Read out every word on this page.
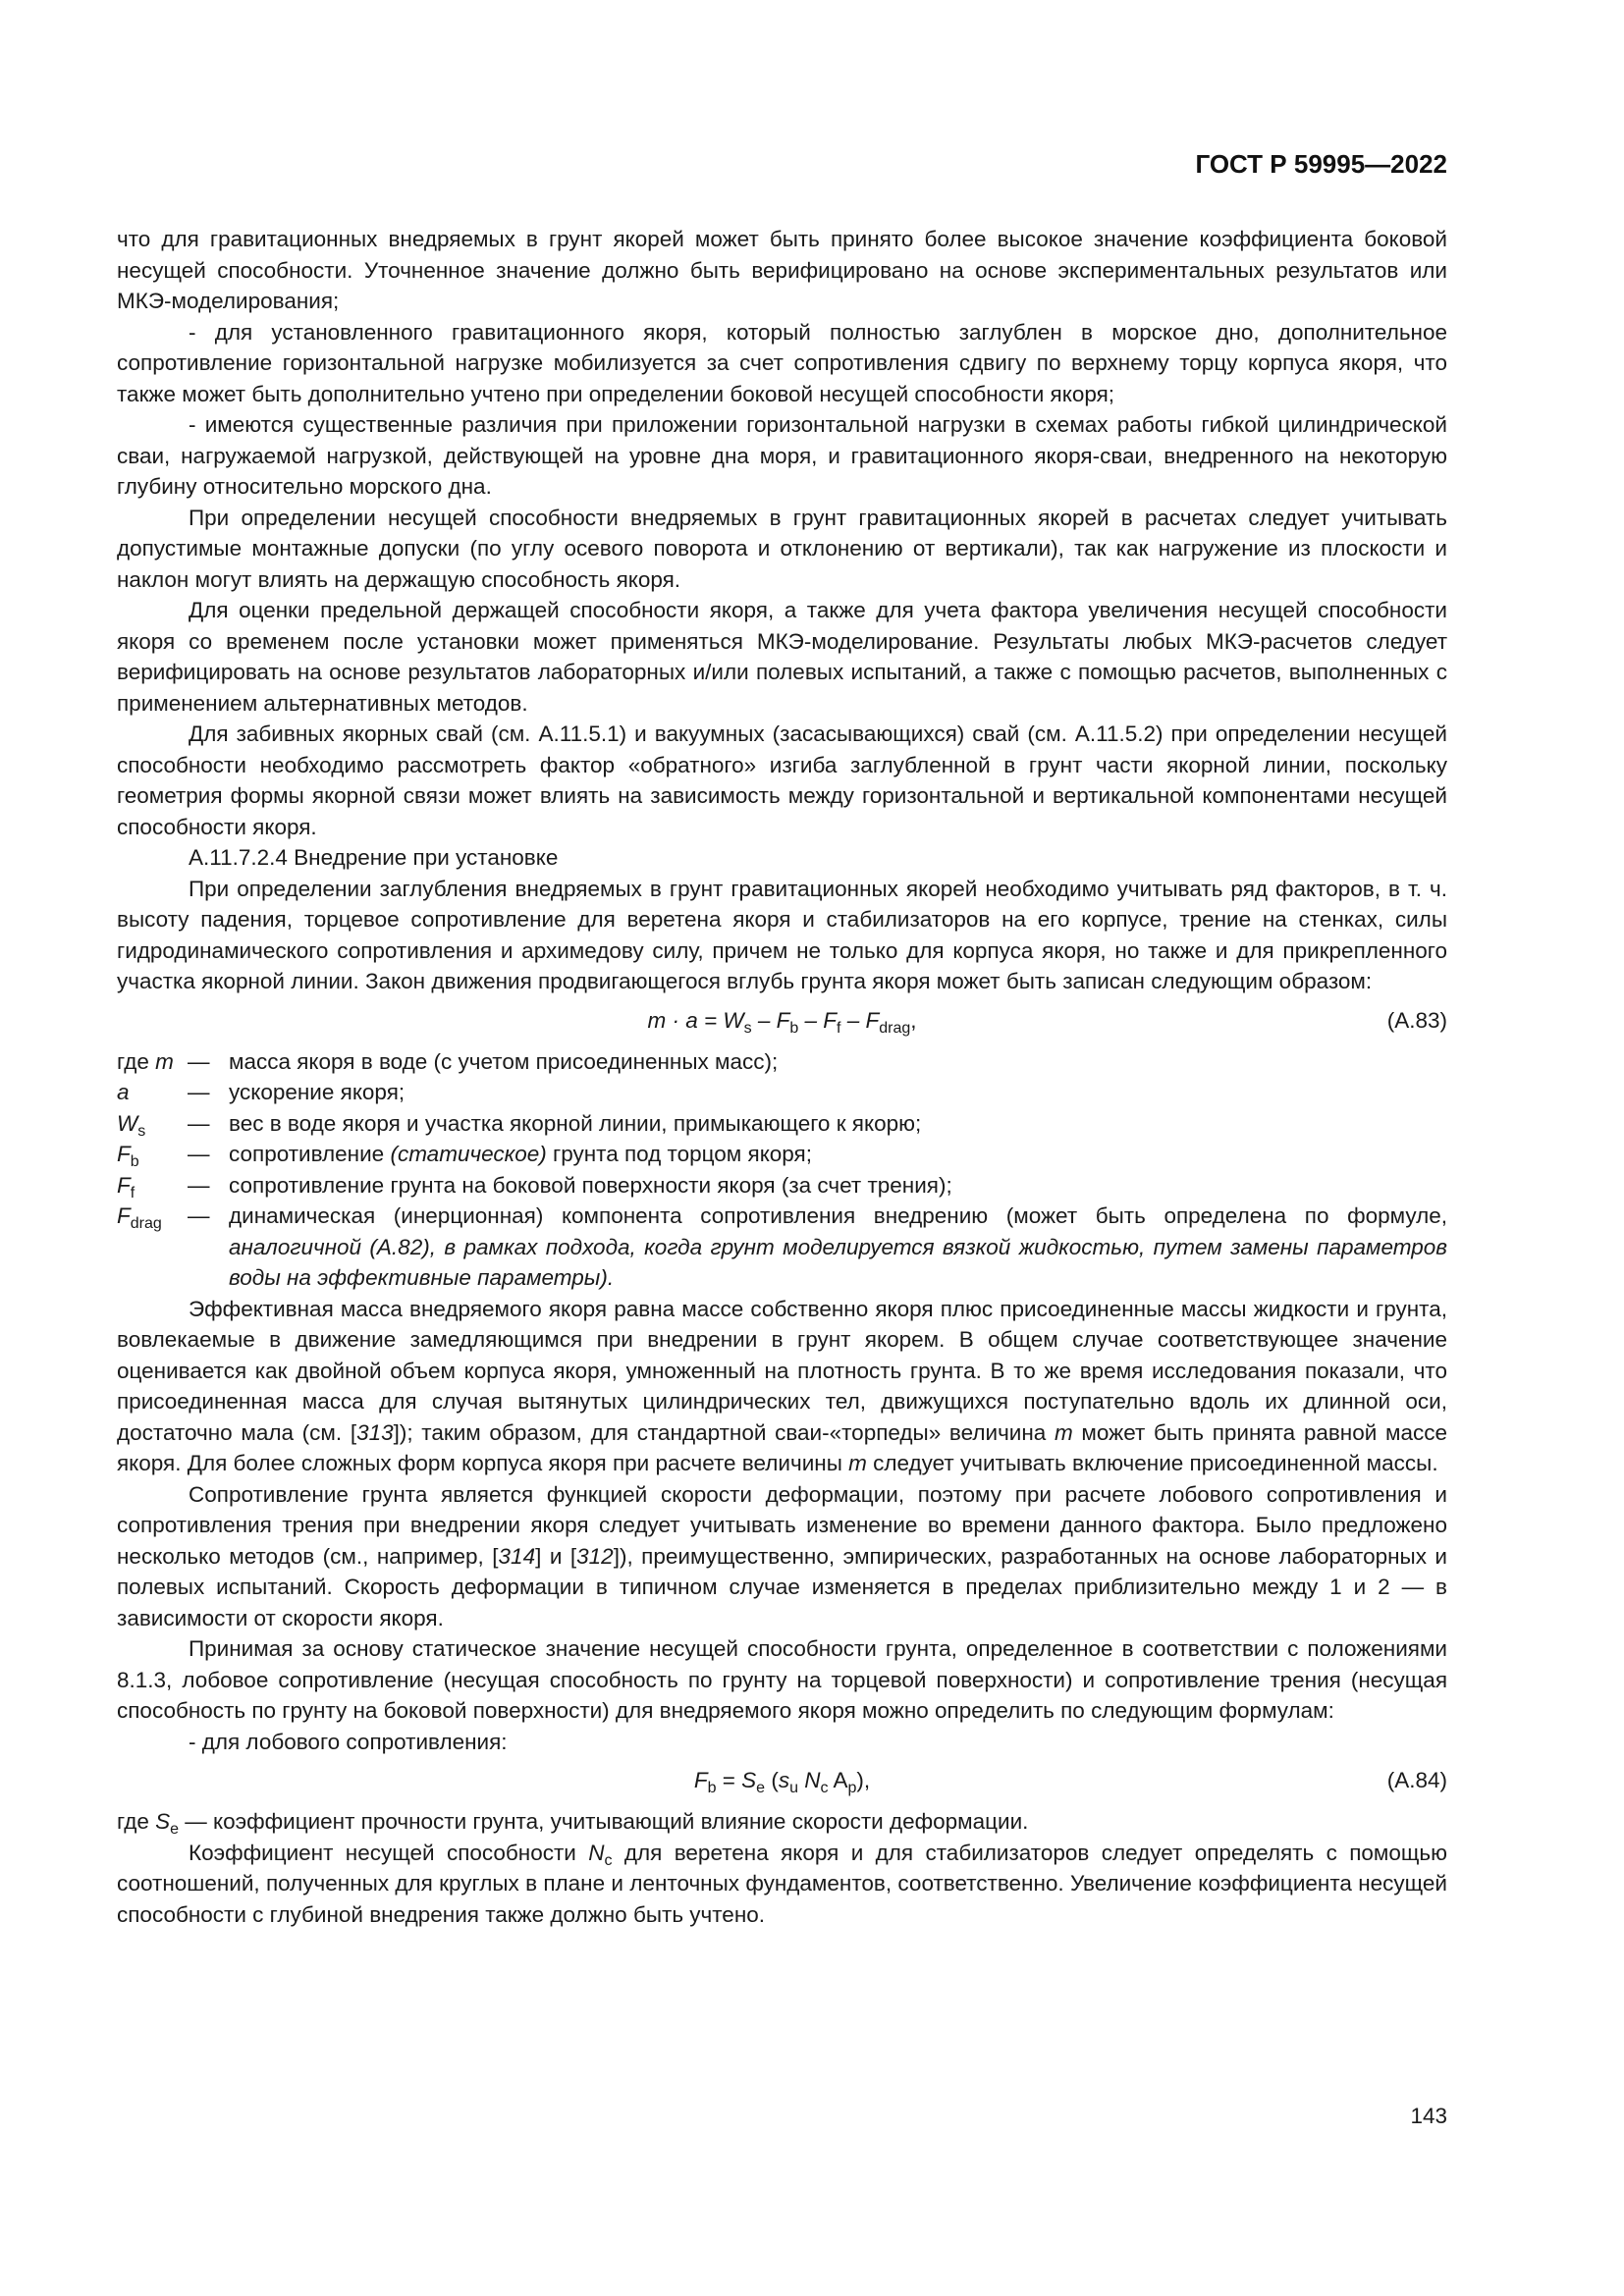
ГОСТ Р 59995—2022

что для гравитационных внедряемых в грунт якорей может быть принято более высокое значение коэффициента боковой несущей способности. Уточненное значение должно быть верифицировано на основе экспериментальных результатов или МКЭ-моделирования;

- для установленного гравитационного якоря, который полностью заглублен в морское дно, дополнительное сопротивление горизонтальной нагрузке мобилизуется за счет сопротивления сдвигу по верхнему торцу корпуса якоря, что также может быть дополнительно учтено при определении боковой несущей способности якоря;

- имеются существенные различия при приложении горизонтальной нагрузки в схемах работы гибкой цилиндрической сваи, нагружаемой нагрузкой, действующей на уровне дна моря, и гравитационного якоря-сваи, внедренного на некоторую глубину относительно морского дна.

При определении несущей способности внедряемых в грунт гравитационных якорей в расчетах следует учитывать допустимые монтажные допуски (по углу осевого поворота и отклонению от вертикали), так как нагружение из плоскости и наклон могут влиять на держащую способность якоря.

Для оценки предельной держащей способности якоря, а также для учета фактора увеличения несущей способности якоря со временем после установки может применяться МКЭ-моделирование. Результаты любых МКЭ-расчетов следует верифицировать на основе результатов лабораторных и/или полевых испытаний, а также с помощью расчетов, выполненных с применением альтернативных методов.

Для забивных якорных свай (см. А.11.5.1) и вакуумных (засасывающихся) свай (см. А.11.5.2) при определении несущей способности необходимо рассмотреть фактор «обратного» изгиба заглубленной в грунт части якорной линии, поскольку геометрия формы якорной связи может влиять на зависимость между горизонтальной и вертикальной компонентами несущей способности якоря.

А.11.7.2.4 Внедрение при установке

При определении заглубления внедряемых в грунт гравитационных якорей необходимо учитывать ряд факторов, в т. ч. высоту падения, торцевое сопротивление для веретена якоря и стабилизаторов на его корпусе, трение на стенках, силы гидродинамического сопротивления и архимедову силу, причем не только для корпуса якоря, но также и для прикрепленного участка якорной линии. Закон движения продвигающегося вглубь грунта якоря может быть записан следующим образом:

$m \cdot a = W_s - F_b - F_f - F_{drag}$,	(A.83)
где m — масса якоря в воде (с учетом присоединенных масс);
a	— ускорение якоря;
$W_s$	— вес в воде якоря и участка якорной линии, примыкающего к якорю;
$F_b$	— сопротивление (статическое) грунта под торцом якоря;
$F_f$	— сопротивление грунта на боковой поверхности якоря (за счет трения);
$F_{drag}$	— динамическая (инерционная) компонента сопротивления внедрению (может быть определена по формуле, аналогичной (А.82), в рамках подхода, когда грунт моделируется вязкой жидкостью, путем замены параметров воды на эффективные параметры).

Эффективная масса внедряемого якоря равна массе собственно якоря плюс присоединенные массы жидкости и грунта, вовлекаемые в движение замедляющимся при внедрении в грунт якорем. В общем случае соответствующее значение оценивается как двойной объем корпуса якоря, умноженный на плотность грунта. В то же время исследования показали, что присоединенная масса для случая вытянутых цилиндрических тел, движущихся поступательно вдоль их длинной оси, достаточно мала (см. [313]); таким образом, для стандартной сваи-«торпеды» величина m может быть принята равной массе якоря. Для более сложных форм корпуса якоря при расчете величины m следует учитывать включение присоединенной массы.

Сопротивление грунта является функцией скорости деформации, поэтому при расчете лобового сопротивления и сопротивления трения при внедрении якоря следует учитывать изменение во времени данного фактора. Было предложено несколько методов (см., например, [314] и [312]), преимущественно, эмпирических, разработанных на основе лабораторных и полевых испытаний. Скорость деформации в типичном случае изменяется в пределах приблизительно между 1 и 2 — в зависимости от скорости якоря.

Принимая за основу статическое значение несущей способности грунта, определенное в соответствии с положениями 8.1.3, лобовое сопротивление (несущая способность по грунту на торцевой поверхности) и сопротивление трения (несущая способность по грунту на боковой поверхности) для внедряемого якоря можно определить по следующим формулам:

- для лобового сопротивления:

$F_b = S_e$ ($s_u$ $N_c$ $A_p$),	(A.84)

где $S_e$ — коэффициент прочности грунта, учитывающий влияние скорости деформации.

Коэффициент несущей способности $N_c$ для веретена якоря и для стабилизаторов следует определять с помощью соотношений, полученных для круглых в плане и ленточных фундаментов, соответственно. Увеличение коэффициента несущей способности с глубиной внедрения также должно быть учтено.

143
